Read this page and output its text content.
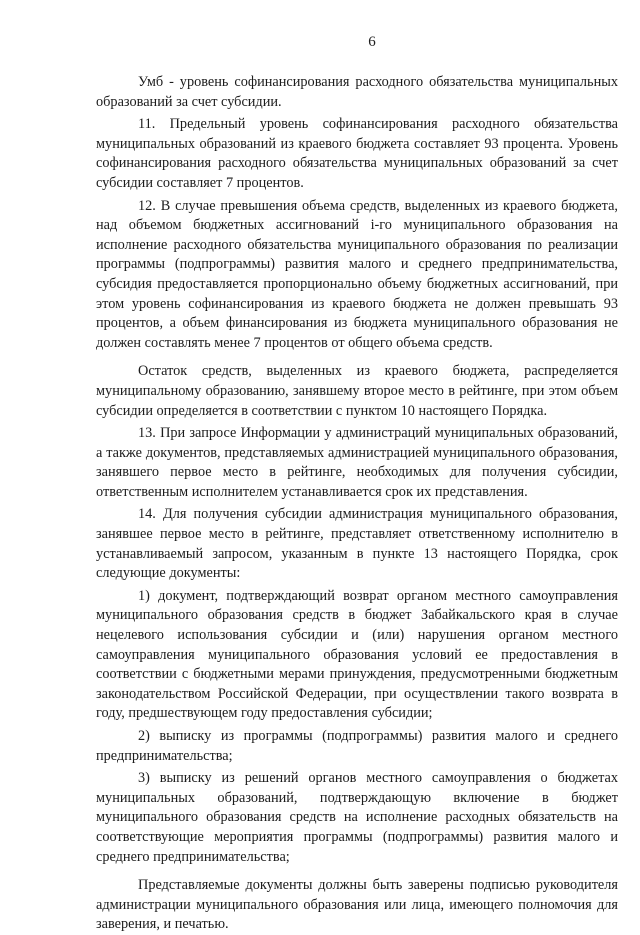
6

Умб - уровень софинансирования расходного обязательства муниципальных образований за счет субсидии.

11. Предельный уровень софинансирования расходного обязательства муниципальных образований из краевого бюджета составляет 93 процента. Уровень софинансирования расходного обязательства муниципальных образований за счет субсидии составляет 7 процентов.

12. В случае превышения объема средств, выделенных из краевого бюджета, над объемом бюджетных ассигнований i-го муниципального образования на исполнение расходного обязательства муниципального образования по реализации программы (подпрограммы) развития малого и среднего предпринимательства, субсидия предоставляется пропорционально объему бюджетных ассигнований, при этом уровень софинансирования из краевого бюджета не должен превышать 93 процентов, а объем финансирования из бюджета муниципального образования не должен составлять менее 7 процентов от общего объема средств.

Остаток средств, выделенных из краевого бюджета, распределяется муниципальному образованию, занявшему второе место в рейтинге, при этом объем субсидии определяется в соответствии с пунктом 10 настоящего Порядка.

13. При запросе Информации у администраций муниципальных образований, а также документов, представляемых администрацией муниципального образования, занявшего первое место в рейтинге, необходимых для получения субсидии, ответственным исполнителем устанавливается срок их представления.

14. Для получения субсидии администрация муниципального образования, занявшее первое место в рейтинге, представляет ответственному исполнителю в устанавливаемый запросом, указанным в пункте 13 настоящего Порядка, срок следующие документы:

1) документ, подтверждающий возврат органом местного самоуправления муниципального образования средств в бюджет Забайкальского края в случае нецелевого использования субсидии и (или) нарушения органом местного самоуправления муниципального образования условий ее предоставления в соответствии с бюджетными мерами принуждения, предусмотренными бюджетным законодательством Российской Федерации, при осуществлении такого возврата в году, предшествующем году предоставления субсидии;

2) выписку из программы (подпрограммы) развития малого и среднего предпринимательства;

3) выписку из решений органов местного самоуправления о бюджетах муниципальных образований, подтверждающую включение в бюджет муниципального образования средств на исполнение расходных обязательств на соответствующие мероприятия программы (подпрограммы) развития малого и среднего предпринимательства;

Представляемые документы должны быть заверены подписью руководителя администрации муниципального образования или лица, имеющего полномочия для заверения, и печатью.
